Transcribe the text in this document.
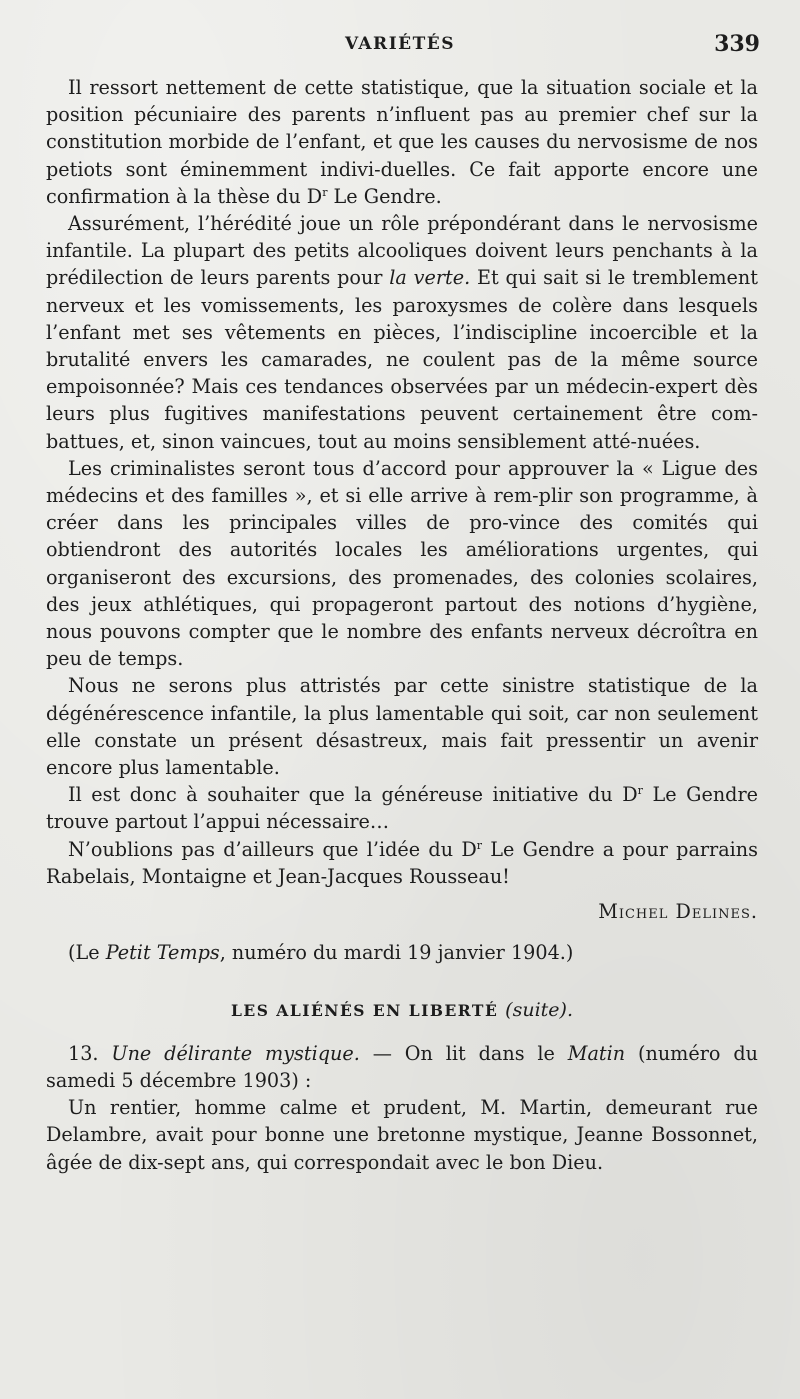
VARIÉTÉS	339

Il ressort nettement de cette statistique, que la situation sociale et la position pécuniaire des parents n’influent pas au premier chef sur la constitution morbide de l’enfant, et que les causes du nervosisme de nos petiots sont éminemment indivi-duelles. Ce fait apporte encore une confirmation à la thèse du $D^r$ Le Gendre.

Assurément, l’hérédité joue un rôle prépondérant dans le nervosisme infantile. La plupart des petits alcooliques doivent leurs penchants à la prédilection de leurs parents pour la verte. Et qui sait si le tremblement nerveux et les vomissements, les paroxysmes de colère dans lesquels l’enfant met ses vêtements en pièces, l’indiscipline incoercible et la brutalité envers les camarades, ne coulent pas de la même source empoisonnée? Mais ces tendances observées par un médecin-expert dès leurs plus fugitives manifestations peuvent certainement être com-battues, et, sinon vaincues, tout au moins sensiblement atté-nuées.

Les criminalistes seront tous d’accord pour approuver la « Ligue des médecins et des familles », et si elle arrive à rem-plir son programme, à créer dans les principales villes de pro-vince des comités qui obtiendront des autorités locales les améliorations urgentes, qui organiseront des excursions, des promenades, des colonies scolaires, des jeux athlétiques, qui propageront partout des notions d’hygiène, nous pouvons compter que le nombre des enfants nerveux décroîtra en peu de temps.

Nous ne serons plus attristés par cette sinistre statistique de la dégénérescence infantile, la plus lamentable qui soit, car non seulement elle constate un présent désastreux, mais fait pressentir un avenir encore plus lamentable.

Il est donc à souhaiter que la généreuse initiative du $D^r$ Le Gendre trouve partout l’appui nécessaire…

N’oublions pas d’ailleurs que l’idée du $D^r$ Le Gendre a pour parrains Rabelais, Montaigne et Jean-Jacques Rousseau!

Michel Delines.

(Le Petit Temps, numéro du mardi 19 janvier 1904.)

LES ALIÉNÉS EN LIBERTÉ (suite).

13. Une délirante mystique. — On lit dans le Matin (numéro du samedi 5 décembre 1903) :

Un rentier, homme calme et prudent, M. Martin, demeurant rue Delambre, avait pour bonne une bretonne mystique, Jeanne Bossonnet, âgée de dix-sept ans, qui correspondait avec le bon Dieu.
